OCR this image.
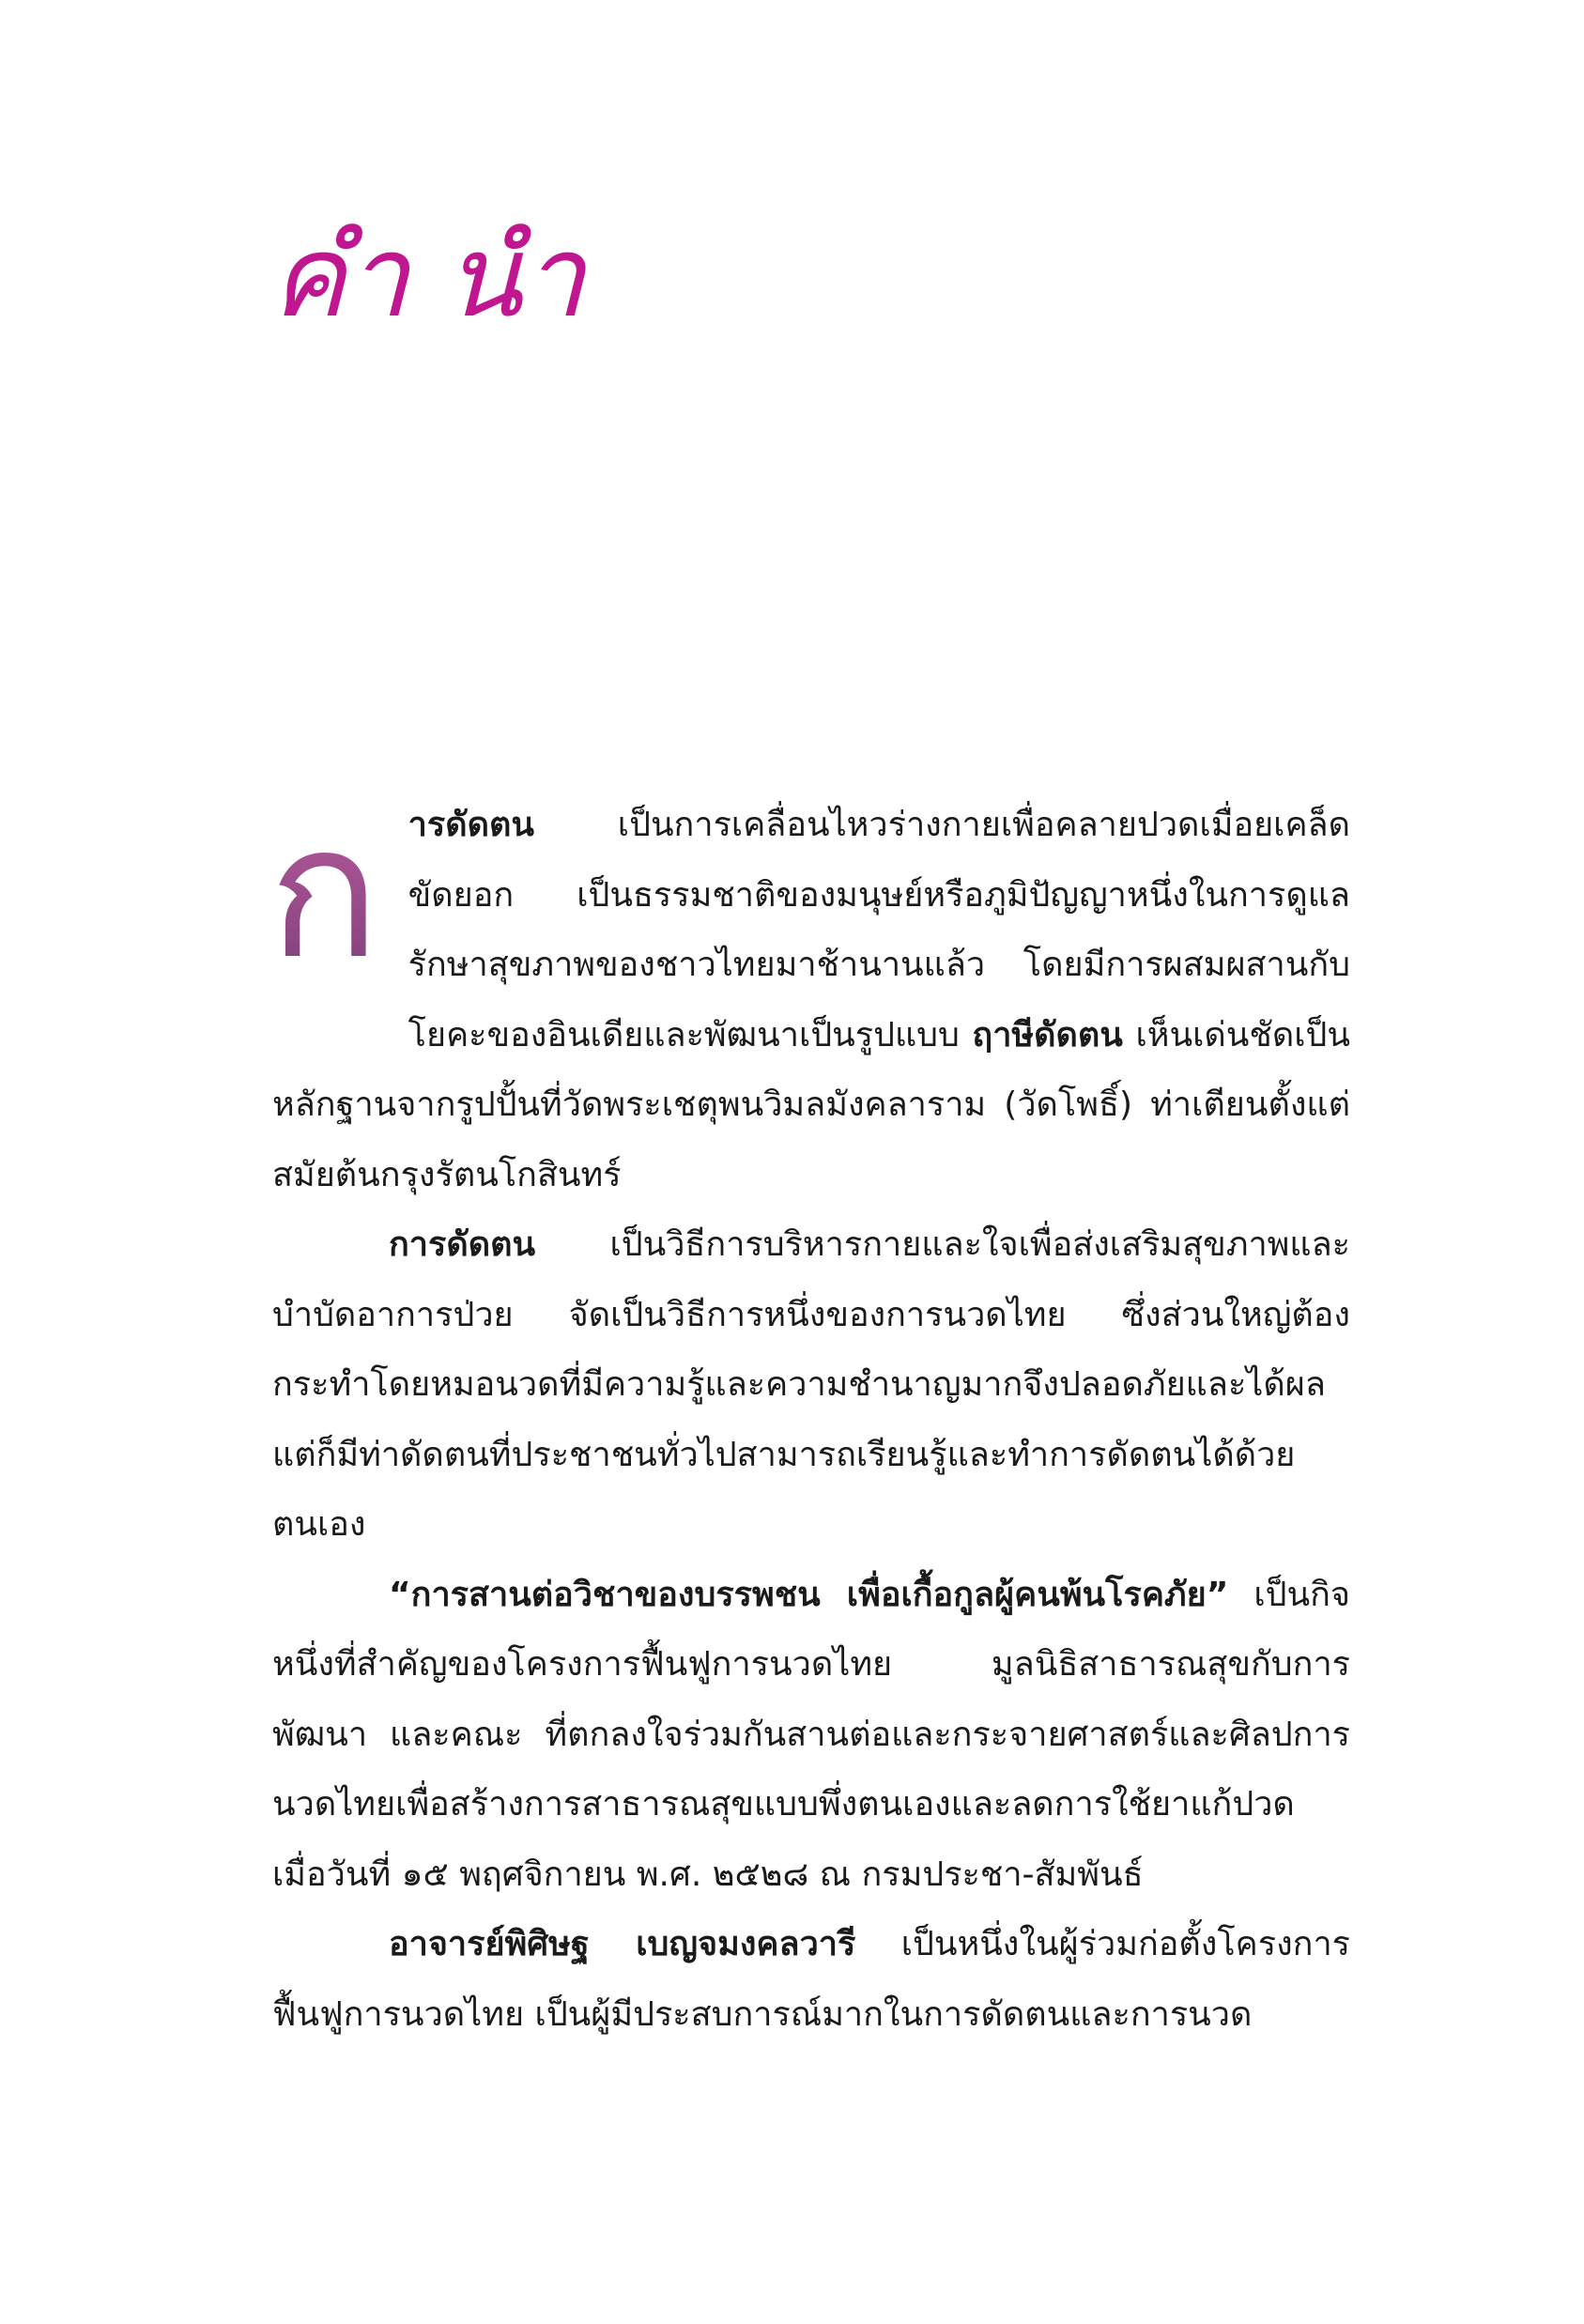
คำนำ

ก ารดัดตน เป็นการเคลื่อนไหวร่างกายเพื่อคลายปวดเมื่อยเคล็ดขัดยอก เป็นธรรมชาติของมนุษย์หรือภูมิปัญญาหนึ่งในการดูแลรักษาสุขภาพของชาวไทยมาช้านานแล้ว โดยมีการผสมผสานกับโยคะของอินเดียและพัฒนาเป็นรูปแบบ ฤาษีดัดตน เห็นเด่นชัดเป็นหลักฐานจากรูปปั้นที่วัดพระเชตุพนวิมลมังคลาราม (วัดโพธิ์) ท่าเตียนตั้งแต่สมัยต้นกรุงรัตนโกสินทร์

การดัดตน เป็นวิธีการบริหารกายและใจเพื่อส่งเสริมสุขภาพและบำบัดอาการป่วย จัดเป็นวิธีการหนึ่งของการนวดไทย ซึ่งส่วนใหญ่ต้องกระทำโดยหมอนวดที่มีความรู้และความชำนาญมากจึงปลอดภัยและได้ผล แต่ก็มีท่าดัดตนที่ประชาชนทั่วไปสามารถเรียนรู้และทำการดัดตนได้ด้วยตนเอง

“การสานต่อวิชาของบรรพชน เพื่อเกื้อกูลผู้คนพ้นโรคภัย” เป็นกิจหนึ่งที่สำคัญของโครงการฟื้นฟูการนวดไทย มูลนิธิสาธารณสุขกับการพัฒนา และคณะ ที่ตกลงใจร่วมกันสานต่อและกระจายศาสตร์และศิลปการนวดไทยเพื่อสร้างการสาธารณสุขแบบพึ่งตนเองและลดการใช้ยาแก้ปวด เมื่อวันที่ ๑๕ พฤศจิกายน พ.ศ. ๒๕๒๘ ณ กรมประชา-สัมพันธ์

อาจารย์พิศิษฐ เบญจมงคลวารี เป็นหนึ่งในผู้ร่วมก่อตั้งโครงการฟื้นฟูการนวดไทย เป็นผู้มีประสบการณ์มากในการดัดตนและการนวด
